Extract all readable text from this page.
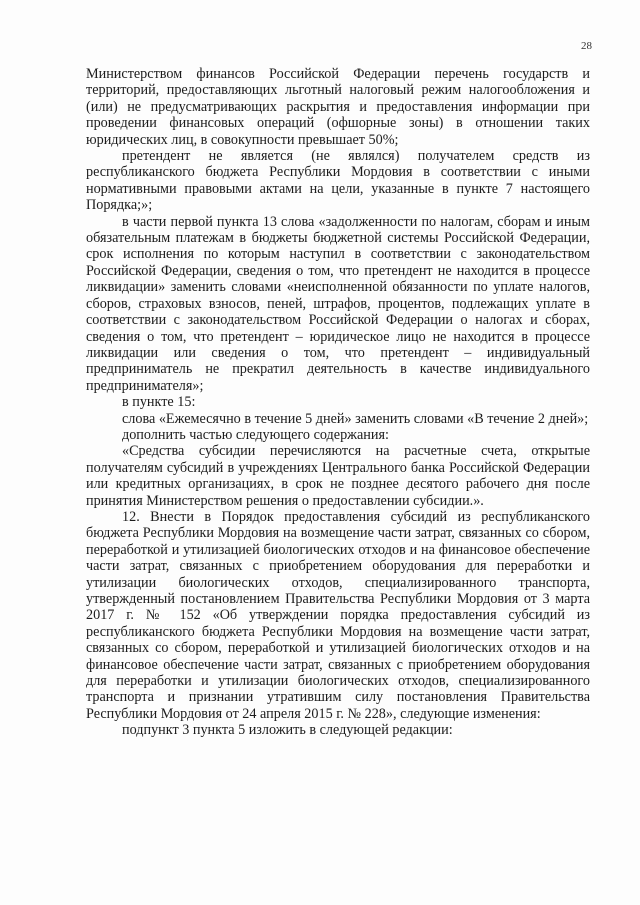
28

Министерством финансов Российской Федерации перечень государств и территорий, предоставляющих льготный налоговый режим налогообложения и (или) не предусматривающих раскрытия и предоставления информации при проведении финансовых операций (офшорные зоны) в отношении таких юридических лиц, в совокупности превышает 50%;

претендент не является (не являлся) получателем средств из республиканского бюджета Республики Мордовия в соответствии с иными нормативными правовыми актами на цели, указанные в пункте 7 настоящего Порядка;»;

в части первой пункта 13 слова «задолженности по налогам, сборам и иным обязательным платежам в бюджеты бюджетной системы Российской Федерации, срок исполнения по которым наступил в соответствии с законодательством Российской Федерации, сведения о том, что претендент не находится в процессе ликвидации» заменить словами «неисполненной обязанности по уплате налогов, сборов, страховых взносов, пеней, штрафов, процентов, подлежащих уплате в соответствии с законодательством Российской Федерации о налогах и сборах, сведения о том, что претендент – юридическое лицо не находится в процессе ликвидации или сведения о том, что претендент – индивидуальный предприниматель не прекратил деятельность в качестве индивидуального предпринимателя»;

в пункте 15:

слова «Ежемесячно в течение 5 дней» заменить словами «В течение 2 дней»;

дополнить частью следующего содержания:

«Средства субсидии перечисляются на расчетные счета, открытые получателям субсидий в учреждениях Центрального банка Российской Федерации или кредитных организациях, в срок не позднее десятого рабочего дня после принятия Министерством решения о предоставлении субсидии.».

12. Внести в Порядок предоставления субсидий из республиканского бюджета Республики Мордовия на возмещение части затрат, связанных со сбором, переработкой и утилизацией биологических отходов и на финансовое обеспечение части затрат, связанных с приобретением оборудования для переработки и утилизации биологических отходов, специализированного транспорта, утвержденный постановлением Правительства Республики Мордовия от 3 марта 2017 г. № 152 «Об утверждении порядка предоставления субсидий из республиканского бюджета Республики Мордовия на возмещение части затрат, связанных со сбором, переработкой и утилизацией биологических отходов и на финансовое обеспечение части затрат, связанных с приобретением оборудования для переработки и утилизации биологических отходов, специализированного транспорта и признании утратившим силу постановления Правительства Республики Мордовия от 24 апреля 2015 г. № 228», следующие изменения:

подпункт 3 пункта 5 изложить в следующей редакции:
